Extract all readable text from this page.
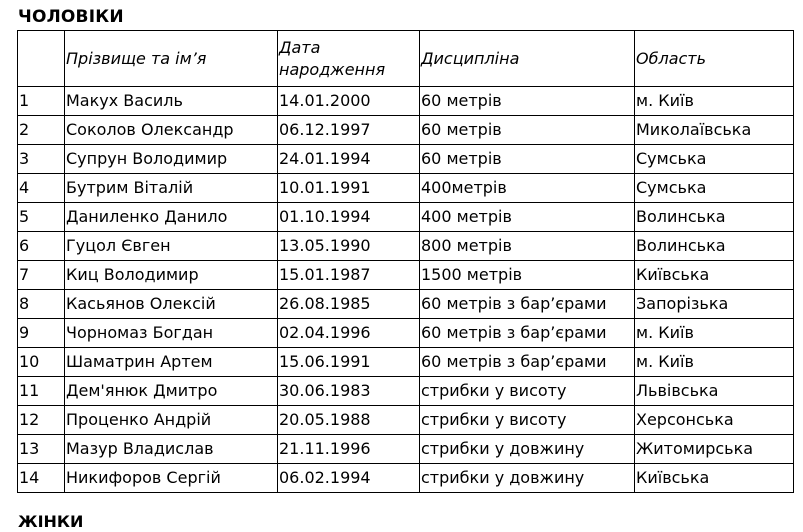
ЧОЛОВІКИ
	Прізвище та ім’я	Дата народження	Дисципліна	Область
1	Макух Василь	14.01.2000	60 метрів	м. Київ
2	Соколов Олександр	06.12.1997	60 метрів	Миколаївська
3	Супрун Володимир	24.01.1994	60 метрів	Сумська
4	Бутрим Віталій	10.01.1991	400метрів	Сумська
5	Даниленко Данило	01.10.1994	400 метрів	Волинська
6	Гуцол Євген	13.05.1990	800 метрів	Волинська
7	Киц Володимир	15.01.1987	1500 метрів	Київська
8	Касьянов Олексій	26.08.1985	60 метрів з бар’єрами	Запорізька
9	Чорномаз Богдан	02.04.1996	60 метрів з бар’єрами	м. Київ
10	Шаматрин Артем	15.06.1991	60 метрів з бар’єрами	м. Київ
11	Дем'янюк Дмитро	30.06.1983	стрибки у висоту	Львівська
12	Проценко Андрій	20.05.1988	стрибки у висоту	Херсонська
13	Мазур Владислав	21.11.1996	стрибки у довжину	Житомирська
14	Никифоров Сергій	06.02.1994	стрибки у довжину	Київська
ЖІНКИ
